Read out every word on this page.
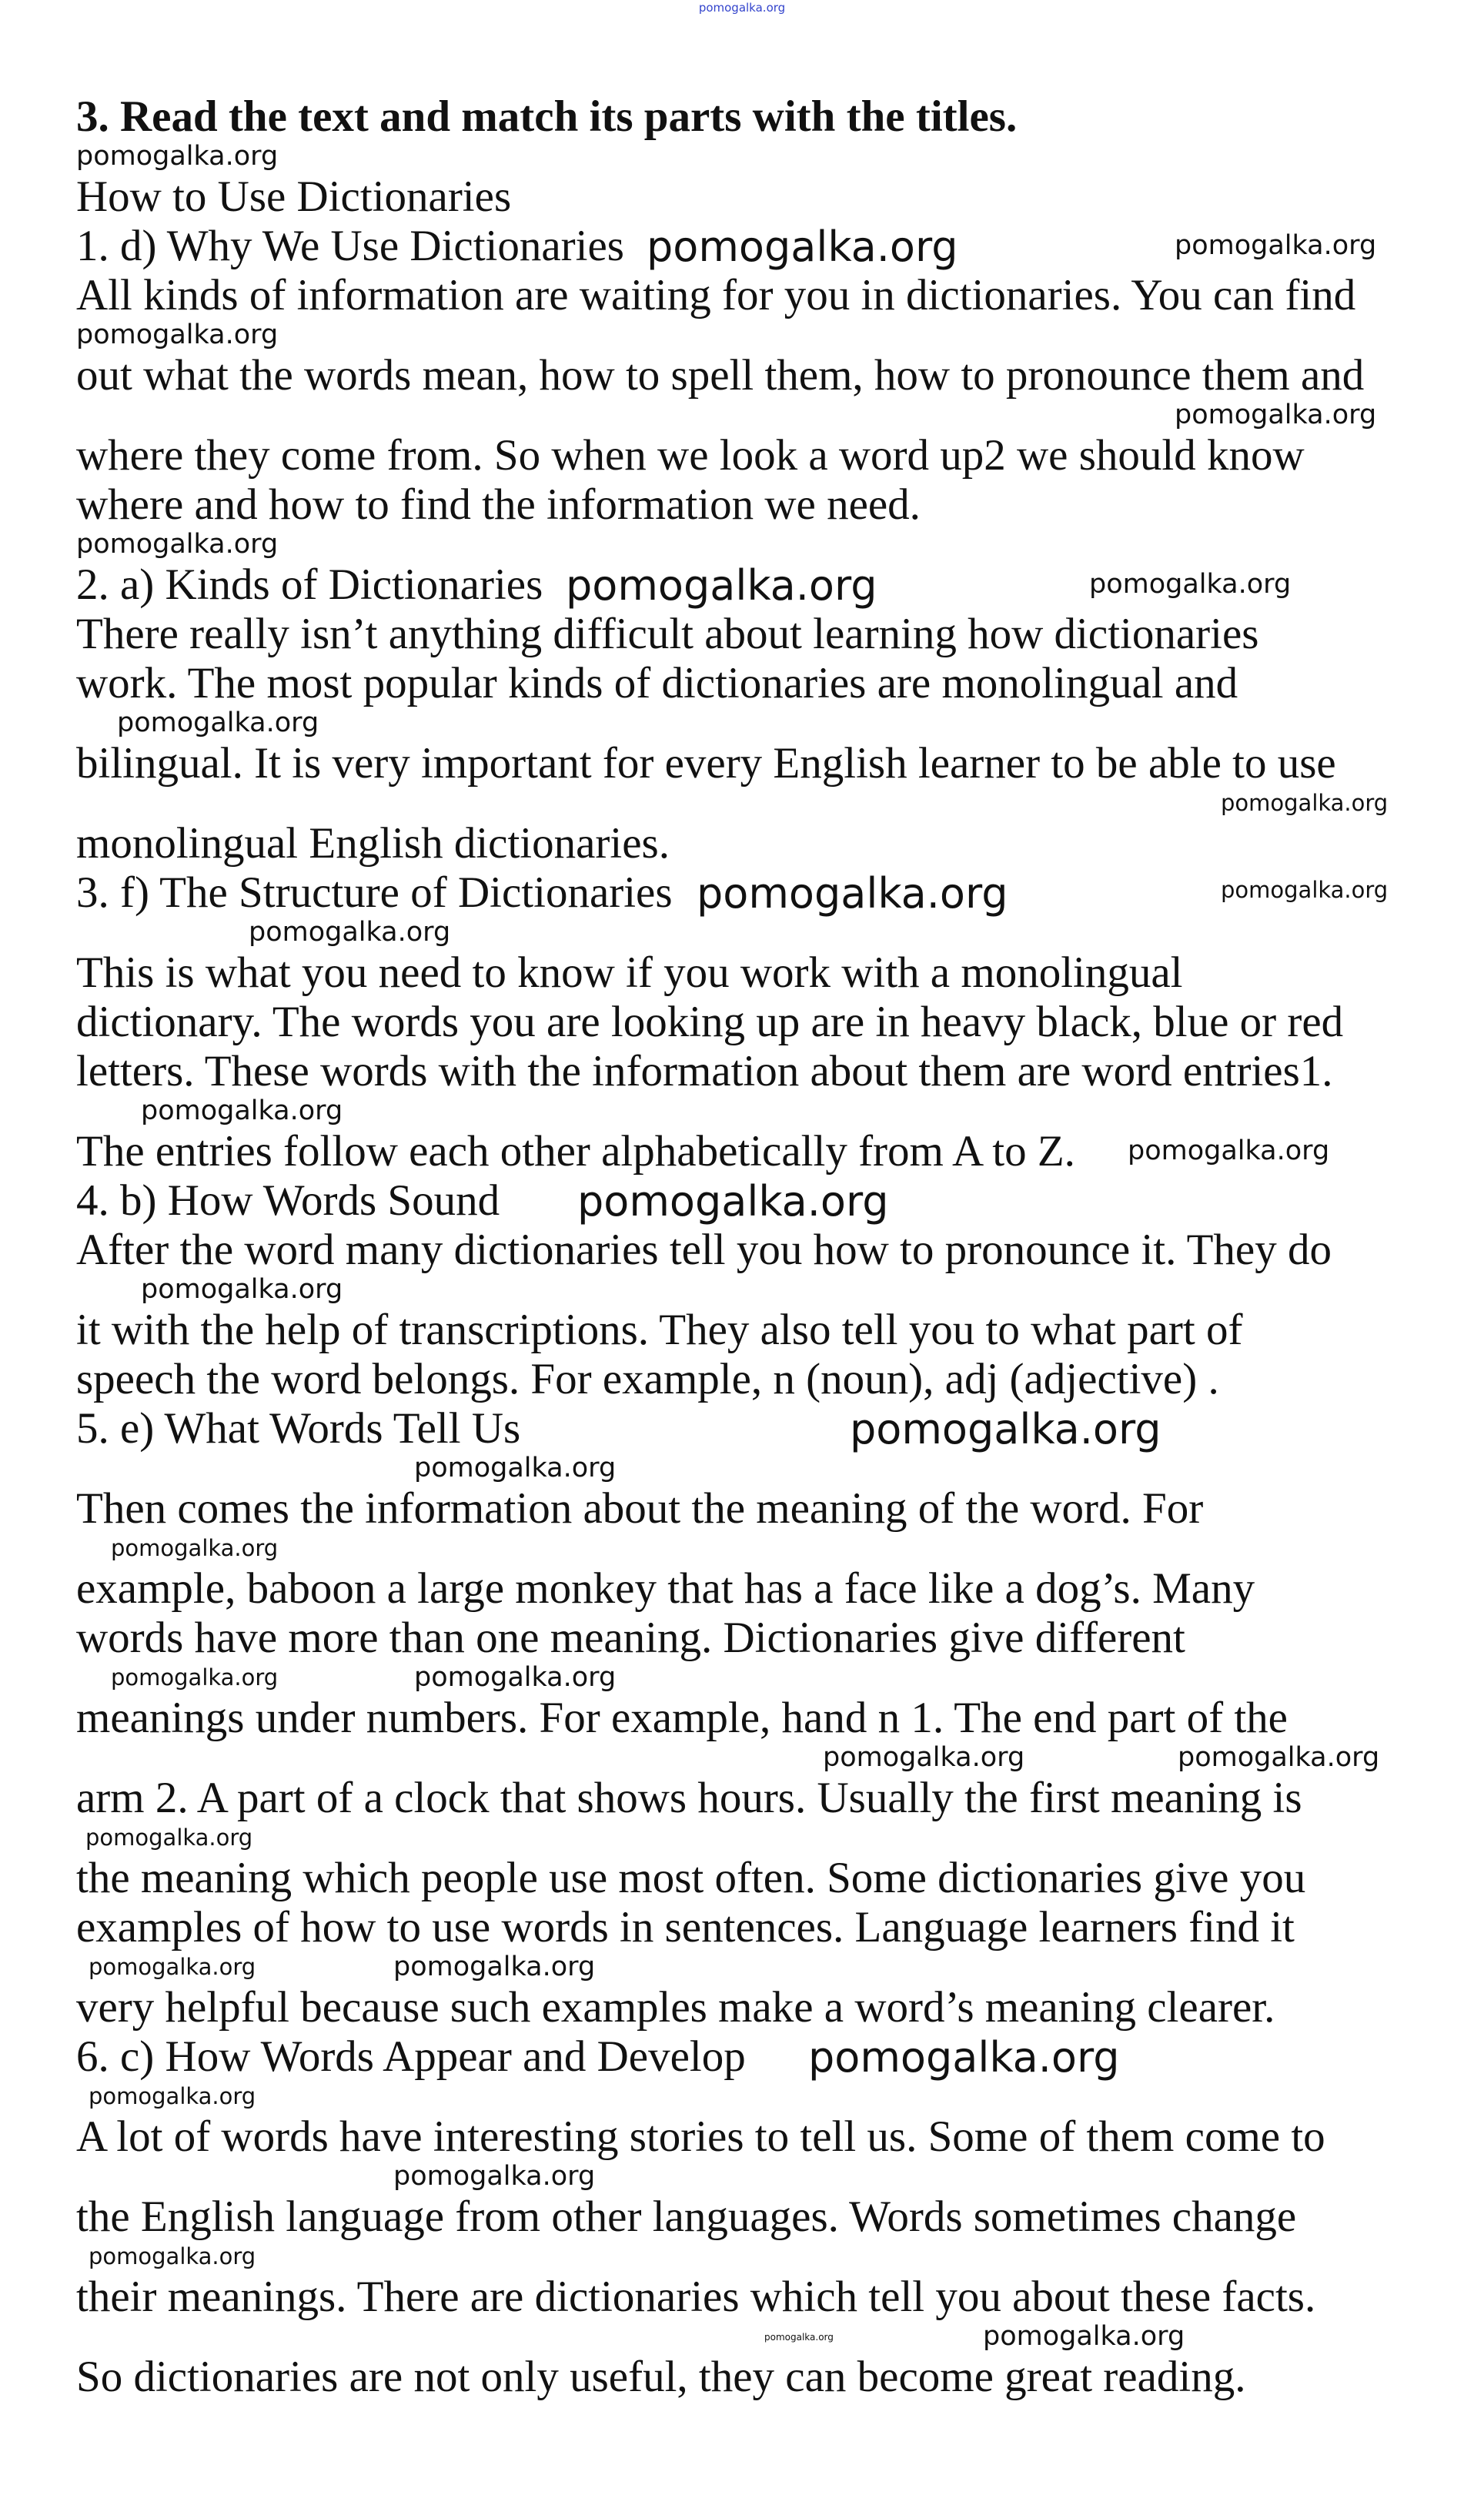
pomogalka.org
3. Read the text and match its parts with the titles.
pomogalka.org
How to Use Dictionaries
1. d) Why We Use Dictionaries pomogalka.org	pomogalka.org
All kinds of information are waiting for you in dictionaries. You can find
pomogalka.org
out what the words mean, how to spell them, how to pronounce them and
pomogalka.org
where they come from. So when we look a word up2 we should know
where and how to find the information we need.
pomogalka.org
2. a) Kinds of Dictionaries pomogalka.org	pomogalka.org
There really isn’t anything difficult about learning how dictionaries
work. The most popular kinds of dictionaries are monolingual and
pomogalka.org
bilingual. It is very important for every English learner to be able to use
pomogalka.org
monolingual English dictionaries.
3. f) The Structure of Dictionaries pomogalka.org	pomogalka.org
pomogalka.org
This is what you need to know if you work with a monolingual
dictionary. The words you are looking up are in heavy black, blue or red
letters. These words with the information about them are word entries1.
pomogalka.org
The entries follow each other alphabetically from A to Z. pomogalka.org
4. b) How Words Sound pomogalka.org
After the word many dictionaries tell you how to pronounce it. They do
pomogalka.org
it with the help of transcriptions. They also tell you to what part of
speech the word belongs. For example, n (noun), adj (adjective) .
5. e) What Words Tell Us	pomogalka.org
pomogalka.org
Then comes the information about the meaning of the word. For
pomogalka.org
example, baboon a large monkey that has a face like a dog’s. Many
words have more than one meaning. Dictionaries give different
pomogalka.org	pomogalka.org
meanings under numbers. For example, hand n 1. The end part of the
pomogalka.org	pomogalka.org
arm 2. A part of a clock that shows hours. Usually the first meaning is
pomogalka.org
the meaning which people use most often. Some dictionaries give you
examples of how to use words in sentences. Language learners find it
pomogalka.org	pomogalka.org
very helpful because such examples make a word’s meaning clearer.
6. c) How Words Appear and Develop pomogalka.org
pomogalka.org
A lot of words have interesting stories to tell us. Some of them come to
pomogalka.org
the English language from other languages. Words sometimes change
pomogalka.org
their meanings. There are dictionaries which tell you about these facts.
pomogalka.org	pomogalka.org
So dictionaries are not only useful, they can become great reading.
